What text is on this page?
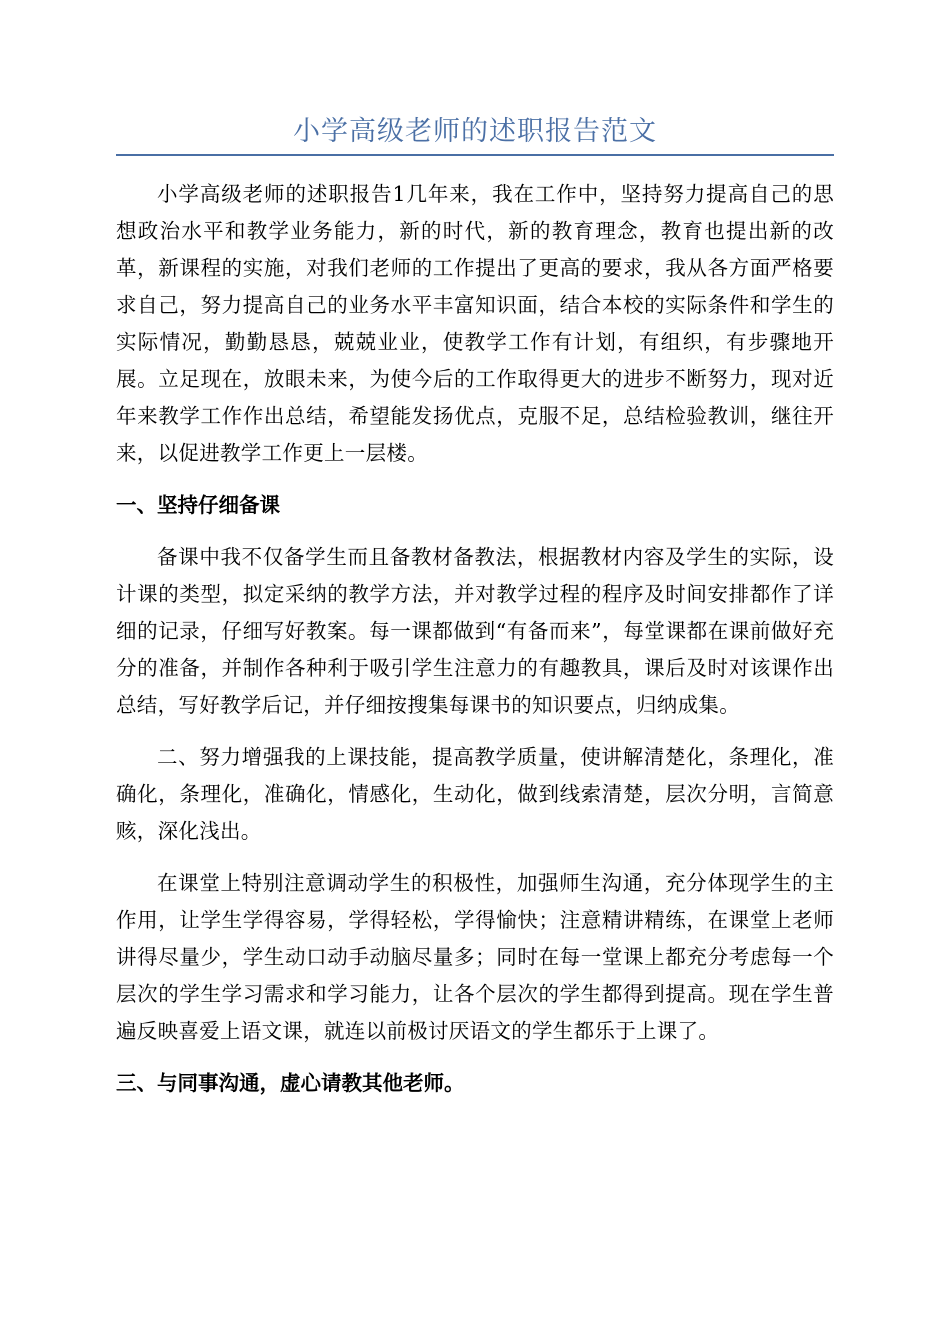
小学高级老师的述职报告范文

小学高级老师的述职报告1几年来，我在工作中，坚持努力提高自己的思想政治水平和教学业务能力，新的时代，新的教育理念，教育也提出新的改革，新课程的实施，对我们老师的工作提出了更高的要求，我从各方面严格要求自己，努力提高自己的业务水平丰富知识面，结合本校的实际条件和学生的实际情况，勤勤恳恳，兢兢业业，使教学工作有计划，有组织，有步骤地开展。立足现在，放眼未来，为使今后的工作取得更大的进步不断努力，现对近年来教学工作作出总结，希望能发扬优点，克服不足，总结检验教训，继往开来，以促进教学工作更上一层楼。

一、坚持仔细备课

备课中我不仅备学生而且备教材备教法，根据教材内容及学生的实际，设计课的类型，拟定采纳的教学方法，并对教学过程的程序及时间安排都作了详细的记录，仔细写好教案。每一课都做到“有备而来”，每堂课都在课前做好充分的准备，并制作各种利于吸引学生注意力的有趣教具，课后及时对该课作出总结，写好教学后记，并仔细按搜集每课书的知识要点，归纳成集。

二、努力增强我的上课技能，提高教学质量，使讲解清楚化，条理化，准确化，条理化，准确化，情感化，生动化，做到线索清楚，层次分明，言简意赅，深化浅出。

在课堂上特别注意调动学生的积极性，加强师生沟通，充分体现学生的主作用，让学生学得容易，学得轻松，学得愉快；注意精讲精练，在课堂上老师讲得尽量少，学生动口动手动脑尽量多；同时在每一堂课上都充分考虑每一个层次的学生学习需求和学习能力，让各个层次的学生都得到提高。现在学生普遍反映喜爱上语文课，就连以前极讨厌语文的学生都乐于上课了。

三、与同事沟通，虚心请教其他老师。
